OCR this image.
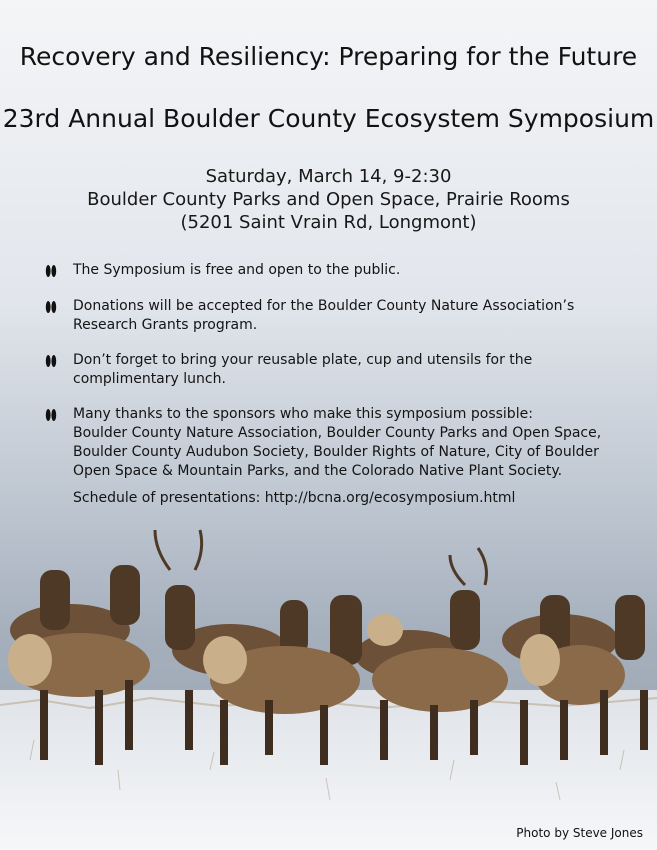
Recovery and Resiliency: Preparing for the Future
23rd Annual Boulder County Ecosystem Symposium
Saturday, March 14, 9-2:30
Boulder County Parks and Open Space, Prairie Rooms
(5201 Saint Vrain Rd, Longmont)
The Symposium is free and open to the public.
Donations will be accepted for the Boulder County Nature Association’s Research Grants program.
Don’t forget to bring your reusable plate, cup and utensils for the complimentary lunch.
Many thanks to the sponsors who make this symposium possible:
Boulder County Nature Association, Boulder County Parks and Open Space, Boulder County Audubon Society, Boulder Rights of Nature, City of Boulder Open Space & Mountain Parks, and the Colorado Native Plant Society.
Schedule of presentations: http://bcna.org/ecosymposium.html
Photo by Steve Jones
